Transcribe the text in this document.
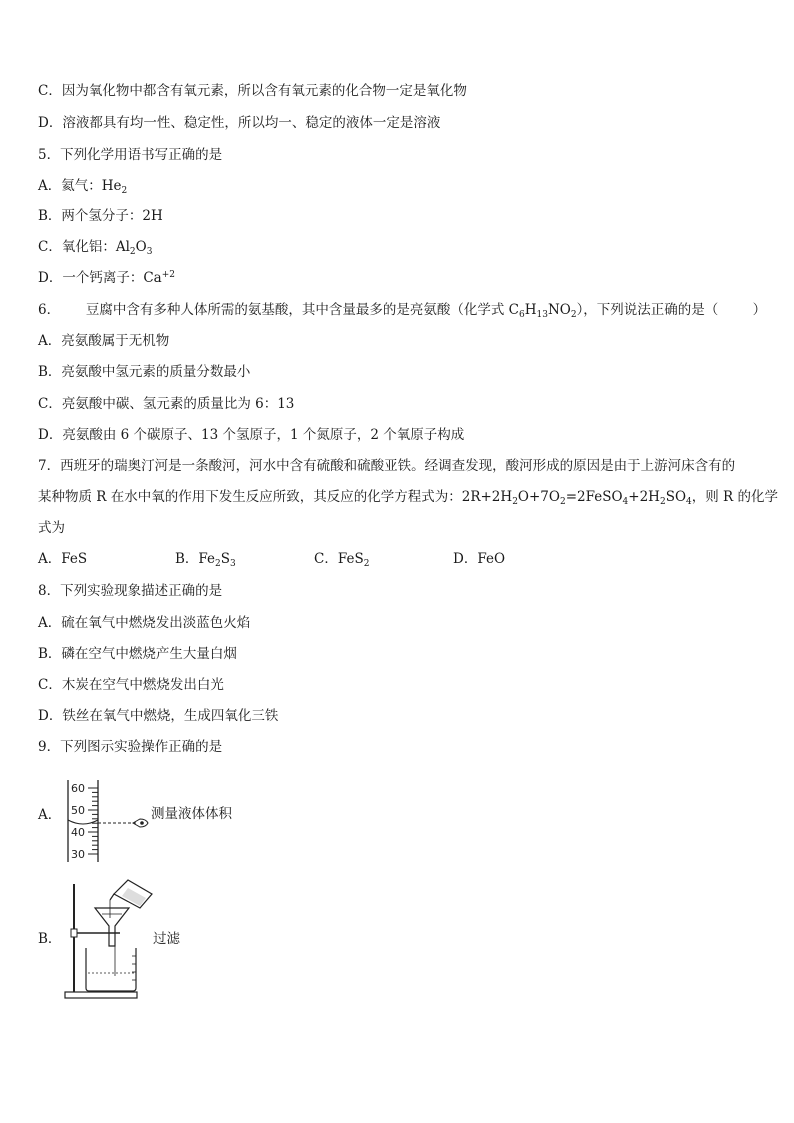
C．因为氧化物中都含有氧元素，所以含有氧元素的化合物一定是氧化物
D．溶液都具有均一性、稳定性，所以均一、稳定的液体一定是溶液
5．下列化学用语书写正确的是
A．氦气：$He_2$
B．两个氢分子：2H
C．氧化铝：$Al_2O_3$
D．一个钙离子：$Ca^{+2}$
6．      豆腐中含有多种人体所需的氨基酸，其中含量最多的是亮氨酸（化学式 $C_6H_{13}NO_2$），下列说法正确的是（        ）
A．亮氨酸属于无机物
B．亮氨酸中氢元素的质量分数最小
C．亮氨酸中碳、氢元素的质量比为 6：13
D．亮氨酸由 6 个碳原子、13 个氢原子，1 个氮原子，2 个氧原子构成
7．西班牙的瑞奥汀河是一条酸河，河水中含有硫酸和硫酸亚铁。经调查发现，酸河形成的原因是由于上游河床含有的
某种物质 R 在水中氧的作用下发生反应所致，其反应的化学方程式为：$2R+2H_2O+7O_2=2FeSO_4+2H_2SO_4$，则 R 的化学
式为
A．FeS	B．$Fe_2S_3$	C．FeS$_2$	D．FeO
8．下列实验现象描述正确的是
A．硫在氧气中燃烧发出淡蓝色火焰
B．磷在空气中燃烧产生大量白烟
C．木炭在空气中燃烧发出白光
D．铁丝在氧气中燃烧，生成四氧化三铁
9．下列图示实验操作正确的是
A．
60
50
40
30
测量液体体积
B．	过滤
